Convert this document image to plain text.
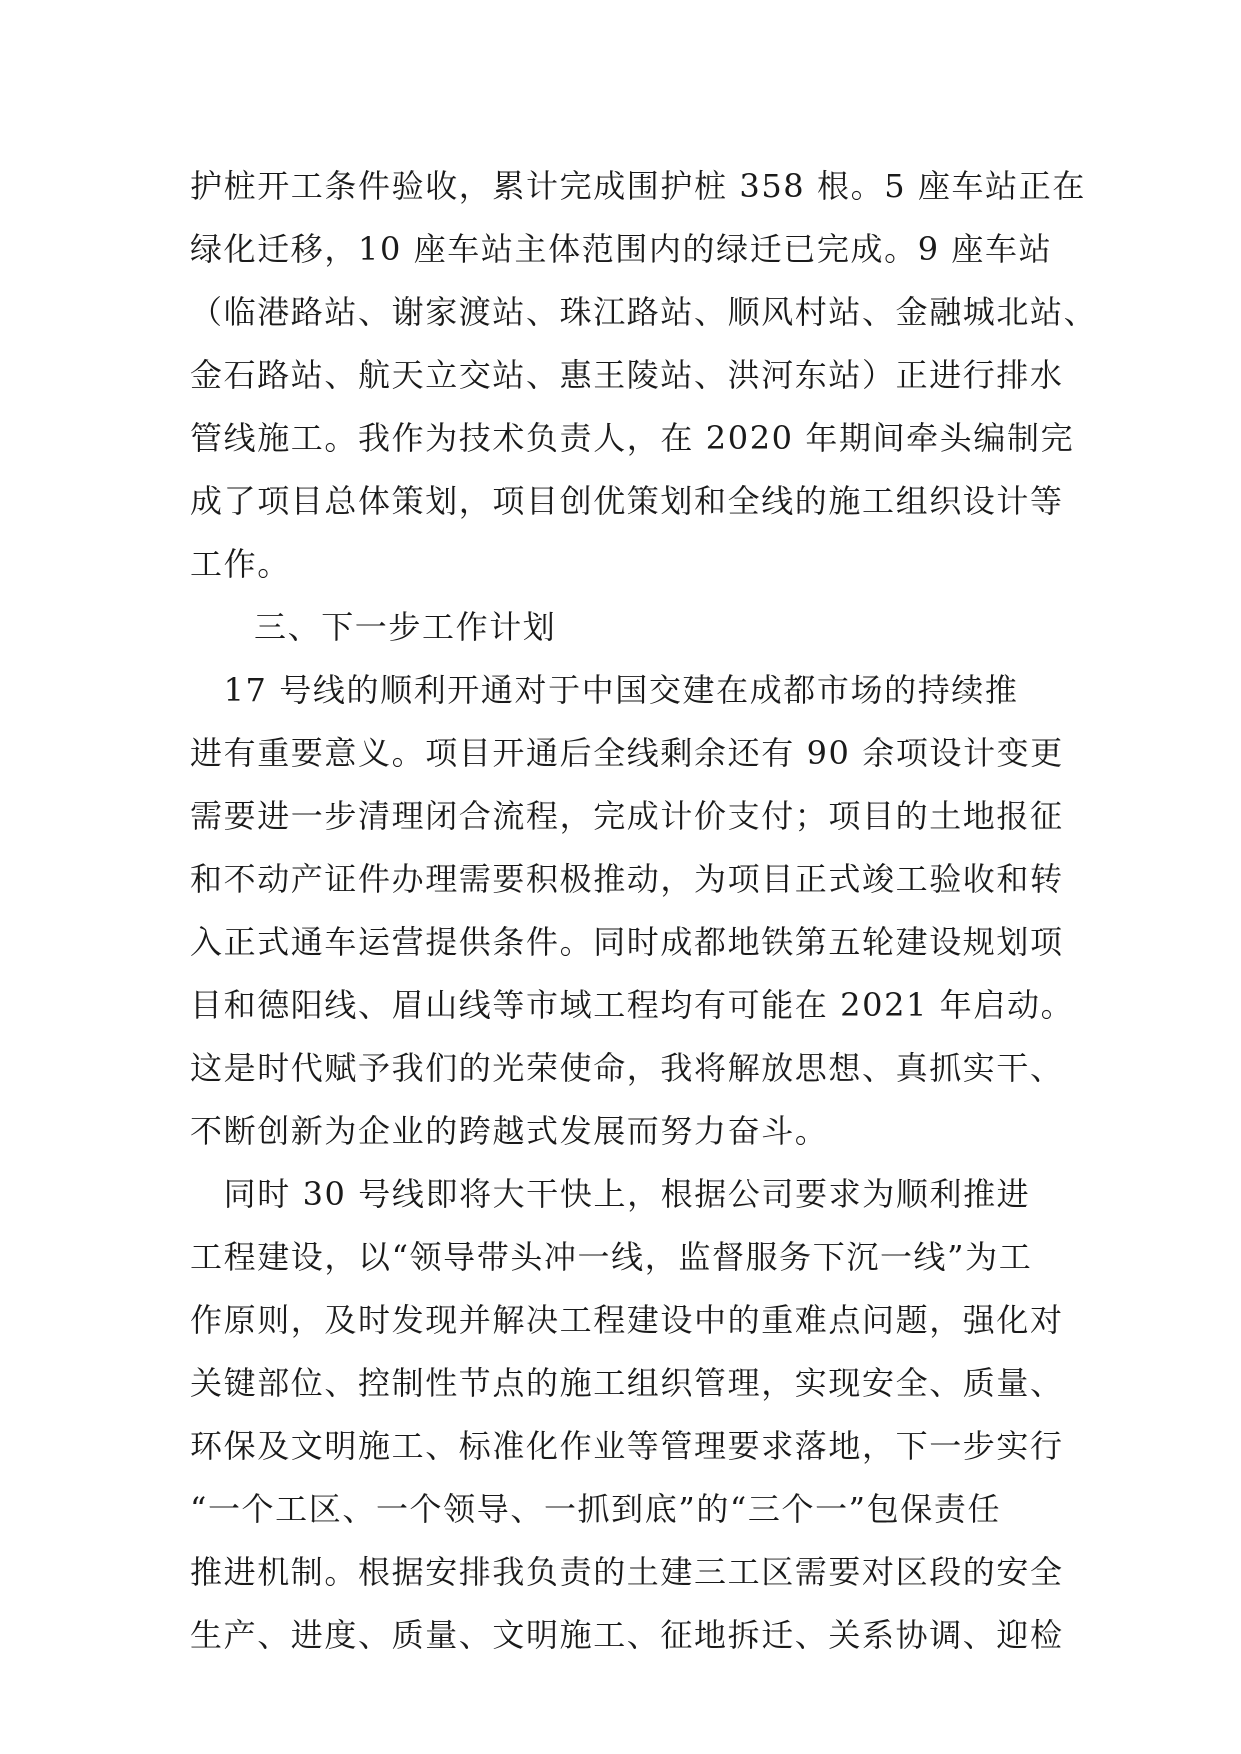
护桩开工条件验收，累计完成围护桩 358 根。5 座车站正在
绿化迁移，10 座车站主体范围内的绿迁已完成。9 座车站
（临港路站、谢家渡站、珠江路站、顺风村站、金融城北站、
金石路站、航天立交站、惠王陵站、洪河东站）正进行排水
管线施工。我作为技术负责人，在 2020 年期间牵头编制完
成了项目总体策划，项目创优策划和全线的施工组织设计等
工作。
三、下一步工作计划
　17 号线的顺利开通对于中国交建在成都市场的持续推
进有重要意义。项目开通后全线剩余还有 90 余项设计变更
需要进一步清理闭合流程，完成计价支付；项目的土地报征
和不动产证件办理需要积极推动，为项目正式竣工验收和转
入正式通车运营提供条件。同时成都地铁第五轮建设规划项
目和德阳线、眉山线等市域工程均有可能在 2021 年启动。
这是时代赋予我们的光荣使命，我将解放思想、真抓实干、
不断创新为企业的跨越式发展而努力奋斗。
　同时 30 号线即将大干快上，根据公司要求为顺利推进
工程建设，以“领导带头冲一线，监督服务下沉一线”为工
作原则，及时发现并解决工程建设中的重难点问题，强化对
关键部位、控制性节点的施工组织管理，实现安全、质量、
环保及文明施工、标准化作业等管理要求落地，下一步实行
“一个工区、一个领导、一抓到底”的“三个一”包保责任
推进机制。根据安排我负责的土建三工区需要对区段的安全
生产、进度、质量、文明施工、征地拆迁、关系协调、迎检
